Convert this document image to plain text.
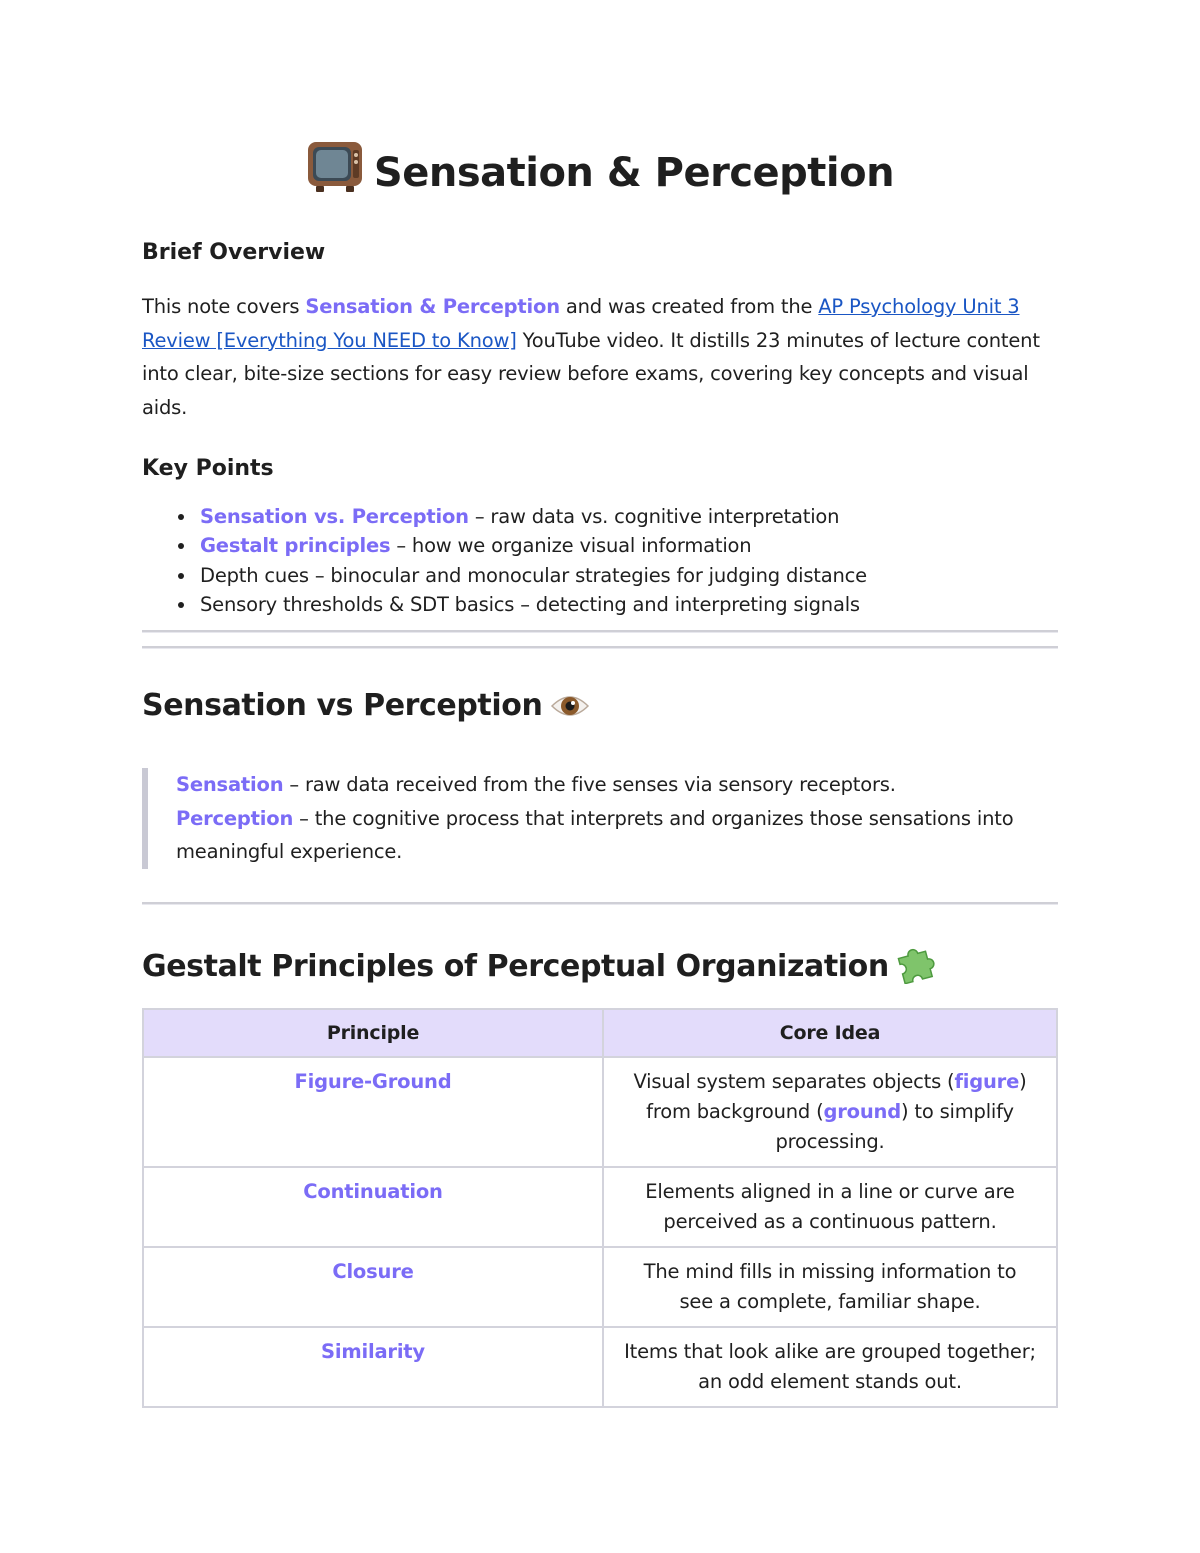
Sensation & Perception
Brief Overview
This note covers Sensation & Perception and was created from the AP Psychology Unit 3 Review [Everything You NEED to Know] YouTube video. It distills 23 minutes of lecture content into clear, bite-size sections for easy review before exams, covering key concepts and visual aids.
Key Points
Sensation vs. Perception – raw data vs. cognitive interpretation
Gestalt principles – how we organize visual information
Depth cues – binocular and monocular strategies for judging distance
Sensory thresholds & SDT basics – detecting and interpreting signals
Sensation vs Perception
Sensation – raw data received from the five senses via sensory receptors.
Perception – the cognitive process that interprets and organizes those sensations into meaningful experience.
Gestalt Principles of Perceptual Organization
Principle	Core Idea
Figure-Ground	Visual system separates objects (figure) from background (ground) to simplify processing.
Continuation	Elements aligned in a line or curve are perceived as a continuous pattern.
Closure	The mind fills in missing information to see a complete, familiar shape.
Similarity	Items that look alike are grouped together; an odd element stands out.
